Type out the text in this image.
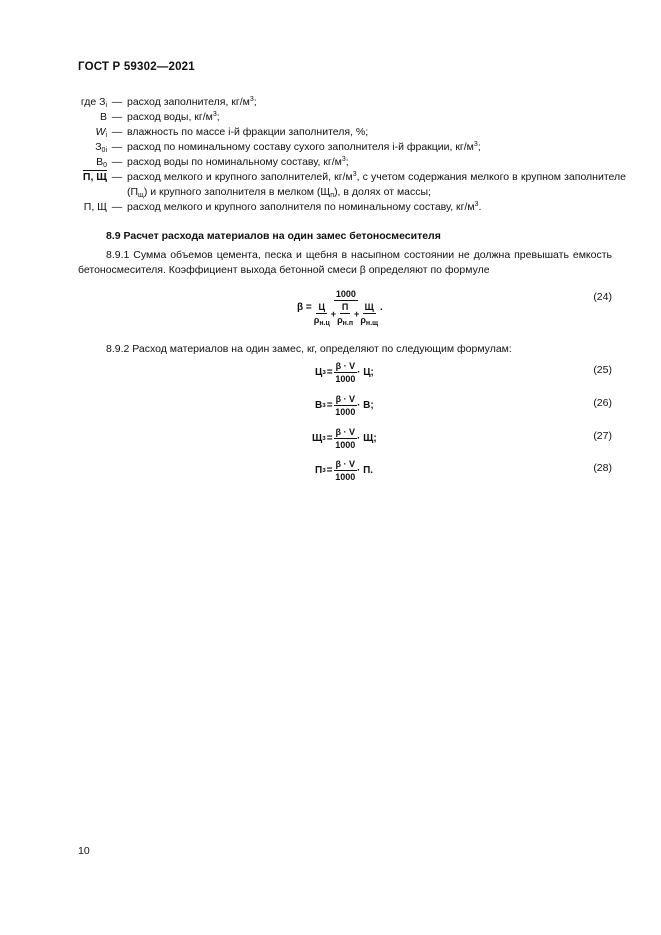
ГОСТ Р 59302—2021
где $З_i$ — расход заполнителя, $кг/м^3$;
В — расход воды, $кг/м^3$;
$W_i$ — влажность по массе i-й фракции заполнителя, %;
$З_{0i}$ — расход по номинальному составу сухого заполнителя i-й фракции, $кг/м^3$;
$В_0$ — расход воды по номинальному составу, $кг/м^3$;
П, Щ — расход мелкого и крупного заполнителей, $кг/м^3$, с учетом содержания мелкого в крупном заполнителе $(П_щ)$ и крупного заполнителя в мелком $(Щ_п)$, в долях от массы;
П, Щ — расход мелкого и крупного заполнителя по номинальному составу, $кг/м^3$.
8.9 Расчет расхода материалов на один замес бетоносмесителя

8.9.1 Сумма объемов цемента, песка и щебня в насыпном состоянии не должна превышать емкость бетоносмесителя. Коэффициент выхода бетонной смеси β определяют по формуле

$\beta = \frac{1000}{\frac{Ц}{\rho_{н.ц}} + \frac{П}{\rho_{н.п}} + \frac{Щ}{\rho_{н.щ}}}$ .
(24)

8.9.2 Расход материалов на один замес, кг, определяют по следующим формулам:

Ц $з = \frac{\beta \cdot V}{1000} \cdot Ц$;	(25)
В $з = \frac{\beta \cdot V}{1000} \cdot В$;	(26)
Щ $з = \frac{\beta \cdot V}{1000} \cdot Щ$;	(27)
П $з = \frac{\beta \cdot V}{1000} \cdot П$.	(28)
10
